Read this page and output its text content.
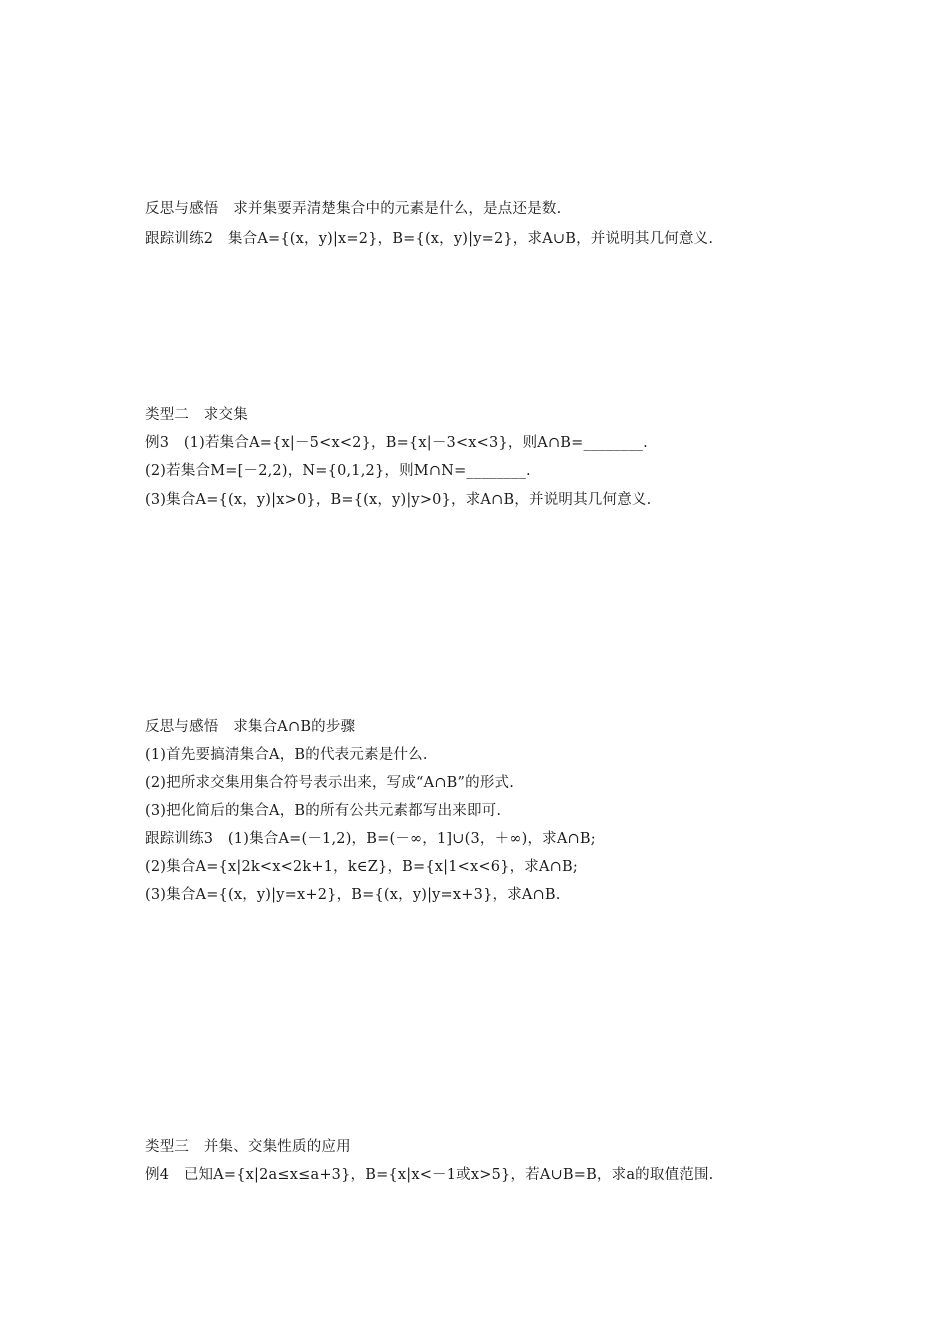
反思与感悟　求并集要弄清楚集合中的元素是什么，是点还是数.
跟踪训练2　集合A={(x，y)|x=2}，B={(x，y)|y=2}，求A∪B，并说明其几何意义.
类型二　求交集
例3　(1)若集合A={x|－5<x<2}，B={x|－3<x<3}，则A∩B=________.
(2)若集合M=[－2,2)，N={0,1,2}，则M∩N=________.
(3)集合A={(x，y)|x>0}，B={(x，y)|y>0}，求A∩B，并说明其几何意义.
反思与感悟　求集合A∩B的步骤
(1)首先要搞清集合A，B的代表元素是什么.
(2)把所求交集用集合符号表示出来，写成“A∩B”的形式.
(3)把化简后的集合A，B的所有公共元素都写出来即可.
跟踪训练3　(1)集合A=(－1,2)，B=(－∞，1]∪(3，＋∞)，求A∩B;
(2)集合A={x|2k<x<2k+1，k∈Z}，B={x|1<x<6}，求A∩B;
(3)集合A={(x，y)|y=x+2}，B={(x，y)|y=x+3}，求A∩B.
类型三　并集、交集性质的应用
例4　已知A={x|2a≤x≤a+3}，B={x|x<－1或x>5}，若A∪B=B，求a的取值范围.
